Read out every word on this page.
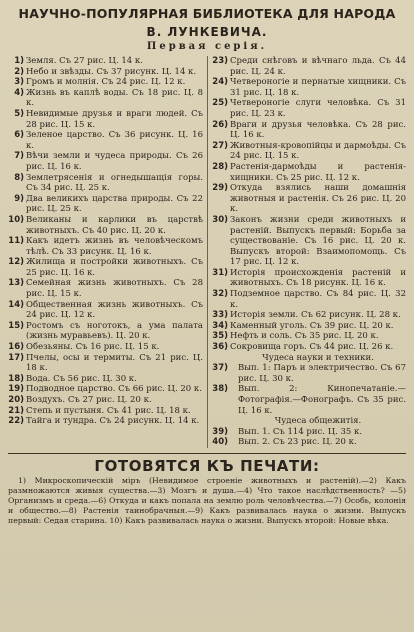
НАУЧНО-ПОПУЛЯРНАЯ БИБЛИОТЕКА ДЛЯ НАРОДА
В. ЛУНКЕВИЧА.
Первая серія.
1) Земля. Съ 27 рис. Ц. 14 к.
2) Небо и звѣзды. Съ 37 рисунк. Ц. 14 к.
3) Громъ и молнія. Съ 24 рис. Ц. 12 к.
4) Жизнь въ каплѣ воды. Съ 18 рис. Ц. 8 к.
5) Невидимые друзья и враги людей. Съ 28 рис. Ц. 15 к.
6) Зеленое царство. Съ 36 рисунк. Ц. 16 к.
7) Вѣчи земли и чудеса природы. Съ 26 рис. Ц. 16 к.
8) Землетрясенія и огнедышащія горы. Съ 34 рис. Ц. 25 к.
9) Два великихъ царства природы. Съ 22 рис. Ц. 25 к.
10) Великаны и карлики въ царствѣ животныхъ. Съ 40 рис. Ц. 20 к.
11) Какъ идетъ жизнь въ человѣческомъ тѣлѣ. Съ 33 рисунк. Ц. 16 к.
12) Жилища и постройки животныхъ. Съ 25 рис. Ц. 16 к.
13) Семейная жизнь животныхъ. Съ 28 рис. Ц. 15 к.
14) Общественная жизнь животныхъ. Съ 24 рис. Ц. 12 к.
15) Ростомъ съ ноготокъ, а ума палата (жизнь муравьевъ). Ц. 20 к.
16) Обезьяны. Съ 16 рис. Ц. 15 к.
17) Пчелы, осы и термиты. Съ 21 рис. Ц. 18 к.
18) Вода. Съ 56 рис. Ц. 30 к.
19) Подводное царство. Съ 66 рис. Ц. 20 к.
20) Воздухъ. Съ 27 рис. Ц. 20 к.
21) Степь и пустыня. Съ 41 рис. Ц. 18 к.
22) Тайга и тундра. Съ 24 рисунк. Ц. 14 к.
23) Среди снѣговъ и вѣчнаго льда. Съ 44 рис. Ц. 24 к.
24) Четвероногіе и пернатые хищники. Съ 31 рис. Ц. 18 к.
25) Четвероногіе слуги человѣка. Съ 31 рис. Ц. 23 к.
26) Враги и друзья человѣка. Съ 28 рис. Ц. 16 к.
27) Животныя-кровопійцы и дармоѣды. Съ 24 рис. Ц. 15 к.
28) Растенія-дармоѣды и растенія-хищники. Съ 25 рис. Ц. 12 к.
29) Откуда взялись наши домашнія животныя и растенія. Съ 26 рис. Ц. 20 к.
30) Законъ жизни среди животныхъ и растеній. Выпускъ первый: Борьба за существованіе. Съ 16 рис. Ц. 20 к. Выпускъ второй: Взаимопомощь. Съ 17 рис. Ц. 12 к.
31) Исторія происхожденія растеній и животныхъ. Съ 18 рисунк. Ц. 16 к.
32) Подземное царство. Съ 84 рис. Ц. 32 к.
33) Исторія земли. Съ 62 рисунк. Ц. 28 к.
34) Каменный уголь. Съ 39 рис. Ц. 20 к.
35) Нефть и соль. Съ 35 рис. Ц. 20 к.
36) Сокровища горъ. Съ 44 рис. Ц. 26 к.
Чудеса науки и техники.
37) Вып. 1: Паръ и электричество. Съ 67 рис. Ц. 30 к.
38) Вып. 2: Кинопечатаніе.—Фотографія.—Фонографъ. Съ 35 рис. Ц. 16 к.
Чудеса общежитія.
39) Вып. 1. Съ 114 рис. Ц. 35 к.
40) Вып. 2. Съ 23 рис. Ц. 20 к.
ГОТОВЯТСЯ КЪ ПЕЧАТИ:
1) Микроскопическій міръ (Невидимое строеніе животныхъ и растеній).—2) Какъ размножаются живыя существа.—3) Мозгъ и душа.—4) Что такое наслѣдственность? —5) Организмъ и среда.—6) Откуда и какъ попала на землю роль человѣчества.—7) Особь, колонія и общество.—8) Растенія таинобрачныя.—9) Какъ развивалась наука о жизни. Выпускъ первый: Седая старина. 10) Какъ развивалась наука о жизни. Выпускъ второй: Новые вѣка.
